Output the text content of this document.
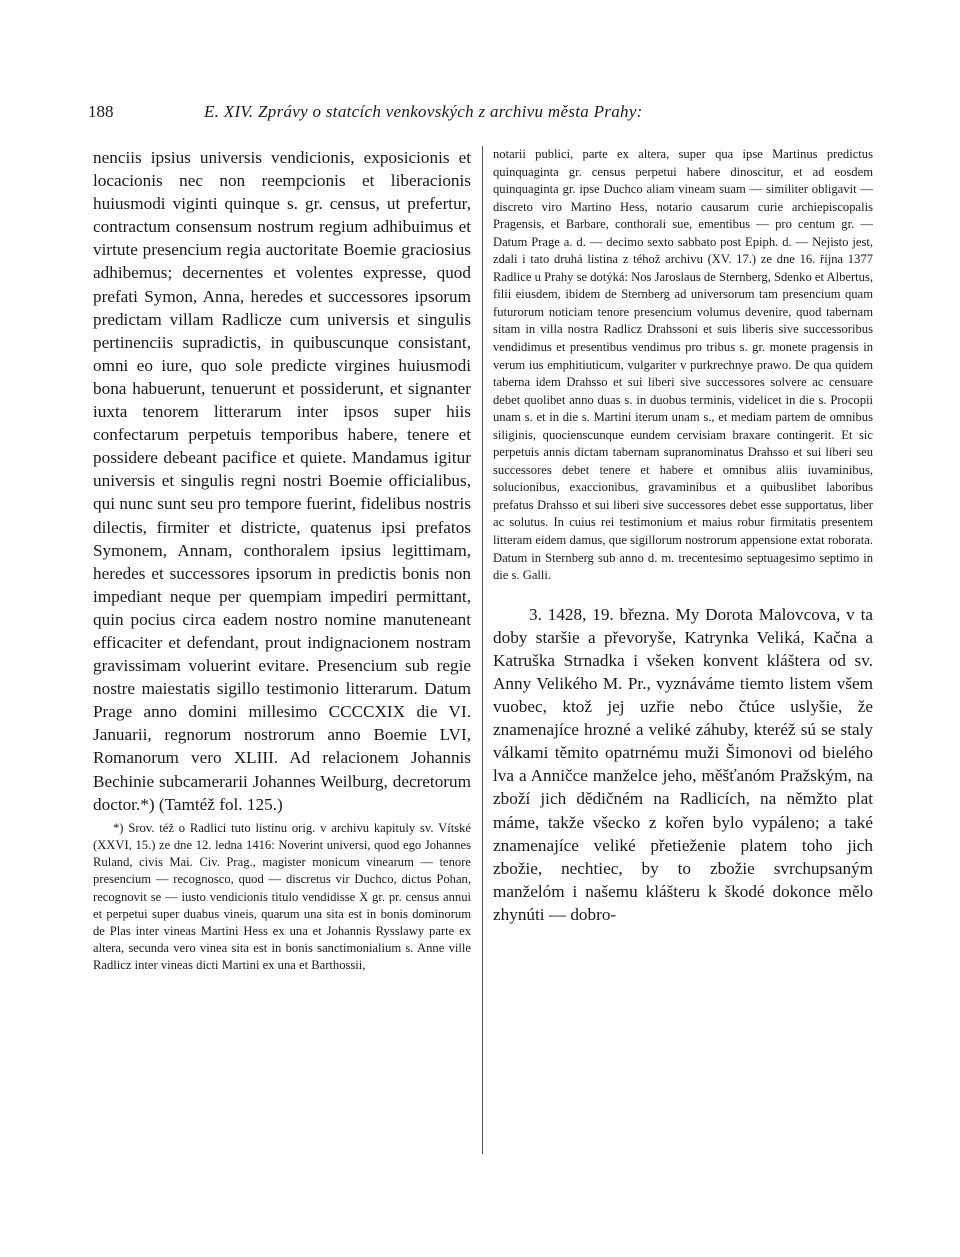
188	E. XIV. Zprávy o statcích venkovských z archivu města Prahy:

nenciis ipsius universis vendicionis, exposicionis et locacionis nec non reempcionis et liberacionis huiusmodi viginti quinque s. gr. census, ut prefertur, contractum consensum nostrum regium adhibuimus et virtute presencium regia auctoritate Boemie graciosius adhibemus; decernentes et volentes expresse, quod prefati Symon, Anna, heredes et successores ipsorum predictam villam Radlicze cum universis et singulis pertinenciis supradictis, in quibuscunque consistant, omni eo iure, quo sole predicte virgines huiusmodi bona habuerunt, tenuerunt et possiderunt, et signanter iuxta tenorem litterarum inter ipsos super hiis confectarum perpetuis temporibus habere, tenere et possidere debeant pacifice et quiete. Mandamus igitur universis et singulis regni nostri Boemie officialibus, qui nunc sunt seu pro tempore fuerint, fidelibus nostris dilectis, firmiter et districte, quatenus ipsi prefatos Symonem, Annam, conthoralem ipsius legittimam, heredes et successores ipsorum in predictis bonis non impediant neque per quempiam impediri permittant, quin pocius circa eadem nostro nomine manuteneant efficaciter et defendant, prout indignacionem nostram gravissimam voluerint evitare. Presencium sub regie nostre maiestatis sigillo testimonio litterarum. Datum Prage anno domini millesimo CCCCXIX die VI. Januarii, regnorum nostrorum anno Boemie LVI, Romanorum vero XLIII. Ad relacionem Johannis Bechinie subcamerarii Johannes Weilburg, decretorum doctor.*) (Tamtéž fol. 125.)

*) Srov. též o Radlici tuto listinu orig. v archivu kapituly sv. Vítské (XXVI, 15.) ze dne 12. ledna 1416: Noverint universi, quod ego Johannes Ruland, civis Mai. Civ. Prag., magister monicum vinearum — tenore presencium — recognosco, quod — discretus vir Duchco, dictus Pohan, recognovit se — iusto vendicionis titulo vendidisse X gr. pr. census annui et perpetui super duabus vineis, quarum una sita est in bonis dominorum de Plas inter vineas Martini Hess ex una et Johannis Rysslawy parte ex altera, secunda vero vinea sita est in bonis sanctimonialium s. Anne ville Radlicz inter vineas dicti Martini ex una et Barthossii,

notarii publici, parte ex altera, super qua ipse Martinus predictus quinquaginta gr. census perpetui habere dinoscitur, et ad eosdem quinquaginta gr. ipse Duchco aliam vineam suam — similiter obligavit — discreto viro Martino Hess, notario causarum curie archiepiscopalis Pragensis, et Barbare, conthorali sue, ementibus — pro centum gr. — Datum Prage a. d. — decimo sexto sabbato post Epiph. d. — Nejisto jest, zdali i tato druhá listina z téhož archivu (XV. 17.) ze dne 16. října 1377 Radlice u Prahy se dotýká: Nos Jaroslaus de Sternberg, Sdenko et Albertus, filii eiusdem, ibidem de Sternberg ad universorum tam presencium quam futurorum noticiam tenore presencium volumus devenire, quod tabernam sitam in villa nostra Radlicz Drahssoni et suis liberis sive successoribus vendidimus et presentibus vendimus pro tribus s. gr. monete pragensis in verum ius emphitiuticum, vulgariter v purkrechnye prawo. De qua quidem taberna idem Drahsso et sui liberi sive successores solvere ac censuare debet quolibet anno duas s. in duobus terminis, videlicet in die s. Procopii unam s. et in die s. Martini iterum unam s., et mediam partem de omnibus siliginis, quocienscunque eundem cervisiam braxare contingerit. Et sic perpetuis annis dictam tabernam supranominatus Drahsso et sui liberi seu successores debet tenere et habere et omnibus aliis iuvaminibus, solucionibus, exaccionibus, gravaminibus et a quibuslibet laboribus prefatus Drahsso et sui liberi sive successores debet esse supportatus, liber ac solutus. In cuius rei testimonium et maius robur firmitatis presentem litteram eidem damus, que sigillorum nostrorum appensione extat roborata. Datum in Sternberg sub anno d. m. trecentesimo septuagesimo septimo in die s. Galli.

3. 1428, 19. března. My Dorota Malovcova, v ta doby staršie a převoryše, Katrynka Veliká, Kačna a Katruška Strnadka i všeken konvent kláštera od sv. Anny Velikého M. Pr., vyznáváme tiemto listem všem vuobec, ktož jej uzřie nebo čtúce uslyšie, že znamenajíce hrozné a veliké záhuby, kteréž sú se staly válkami těmito opatrnému muži Šimonovi od bielého lva a Anničce manželce jeho, měšťanóm Pražským, na zboží jich dědičném na Radlicích, na němžto plat máme, takže všecko z kořen bylo vypáleno; a také znamenajíce veliké přetieženie platem toho jich zbožie, nechtiec, by to zbožie svrchupsaným manželóm i našemu klášteru k škodé dokonce mělo zhynúti — dobro-
